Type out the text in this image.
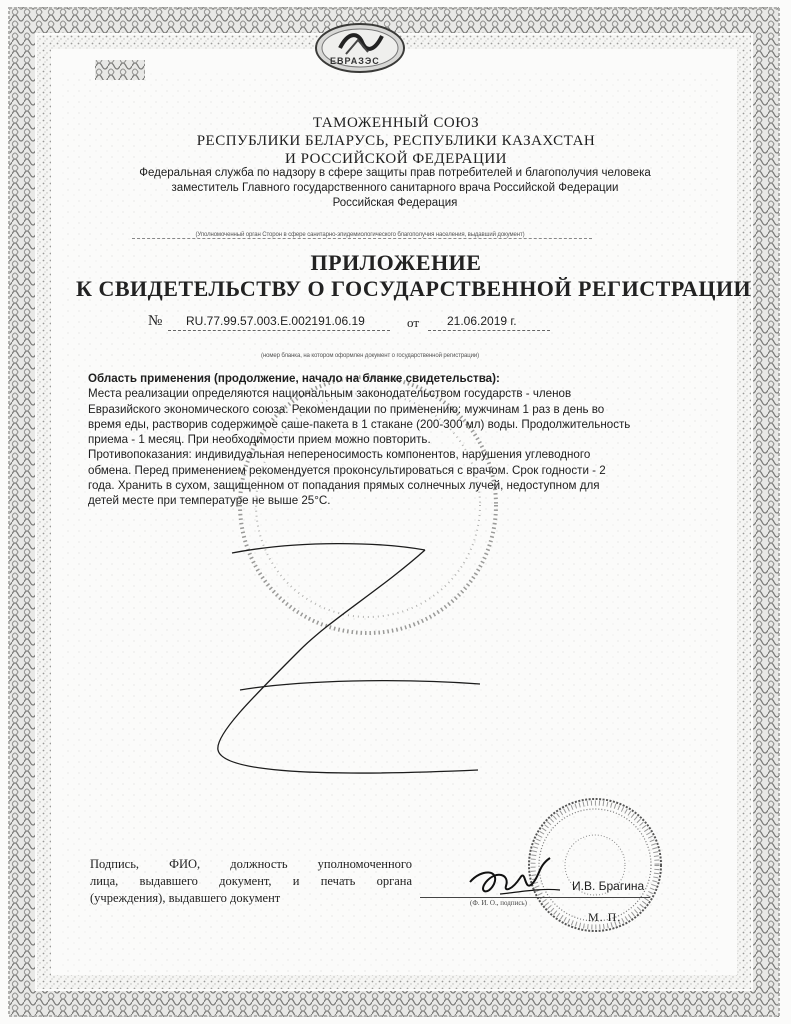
ЕВРАЗЭС
ТАМОЖЕННЫЙ СОЮЗ
РЕСПУБЛИКИ БЕЛАРУСЬ, РЕСПУБЛИКИ КАЗАХСТАН
И РОССИЙСКОЙ ФЕДЕРАЦИИ
Федеральная служба по надзору в сфере защиты прав потребителей и благополучия человека
заместитель Главного государственного санитарного врача Российской Федерации
Российская Федерация
(Уполномоченный орган Сторон в сфере санитарно-эпидемиологического благополучия населения, выдавший документ)
ПРИЛОЖЕНИЕ
К СВИДЕТЕЛЬСТВУ О ГОСУДАРСТВЕННОЙ РЕГИСТРАЦИИ
№ RU.77.99.57.003.Е.002191.06.19	от 21.06.2019 г.
(номер бланка, на котором оформлен документ о государственной регистрации)

Область применения (продолжение, начало на бланке свидетельства):

Места реализации определяются национальным законодательством государств - членов Евразийского экономического союза. Рекомендации по применению: мужчинам 1 раз в день во время еды, растворив содержимое саше-пакета в 1 стакане (200-300 мл) воды. Продолжительность приема - 1 месяц. При необходимости прием можно повторить.

Противопоказания: индивидуальная непереносимость компонентов, нарушения углеводного обмена. Перед применением рекомендуется проконсультироваться с врачом. Срок годности - 2 года. Хранить в сухом, защищенном от попадания прямых солнечных лучей, недоступном для детей месте при температуре не выше 25°С.

Подпись, ФИО, должность уполномоченного
лица, выдавшего документ, и печать органа
(учреждения), выдавшего документ
И.В. Брагина
(Ф. И. О., подпись)
М. П.
